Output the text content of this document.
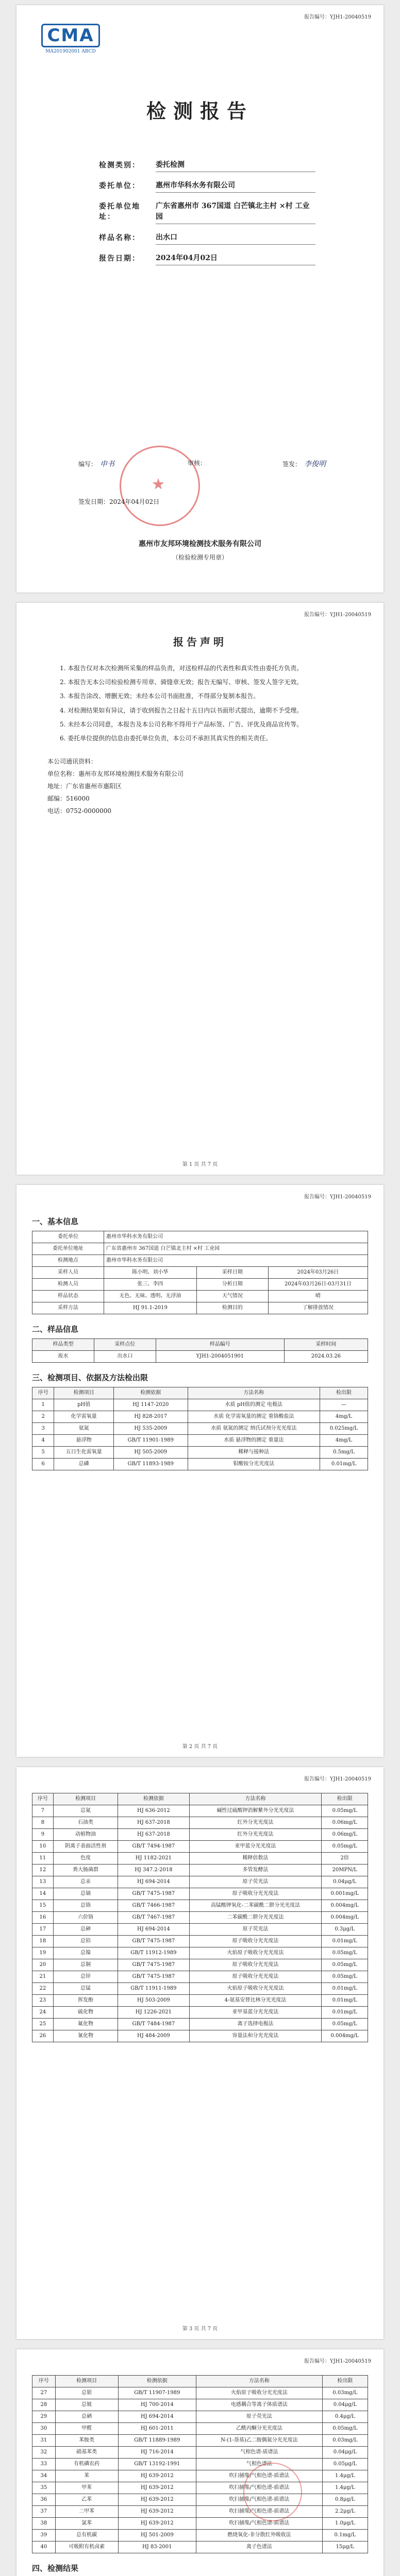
报告编号：YJH1-20040519
CMA
MA201902001 ABCD
检测报告
检测类别：	委托检测
委托单位：	惠州市华科水务有限公司
委托单位地址：
广东省惠州市 367国道 白芒镇北主村 ×村 工业园
样品名称：	出水口
报告日期：	2024年04月02日
编写： 申书	审核：	签发： 李俊明
签发日期：2024年04月02日
惠州市友邦环境检测技术服务有限公司
（检验检测专用章）
报告编号：YJH1-20040519
报告声明

1. 本报告仅对本次检测所采集的样品负责，对送检样品的代表性和真实性由委托方负责。

2. 本报告无本公司检验检测专用章、骑缝章无效；报告无编写、审核、签发人签字无效。

3. 本报告涂改、增删无效；未经本公司书面批准，不得部分复制本报告。

4. 对检测结果如有异议，请于收到报告之日起十五日内以书面形式提出，逾期不予受理。

5. 未经本公司同意，本报告及本公司名称不得用于产品标签、广告、评优及商品宣传等。

6. 委托单位提供的信息由委托单位负责，本公司不承担其真实性的相关责任。

本公司通讯资料：
单位名称：惠州市友邦环境检测技术服务有限公司
地址：广东省惠州市惠阳区
邮编：516000
电话：0752-0000000
第 1 页 共 7 页
报告编号：YJH1-20040519
一、基本信息
委托单位	惠州市华科水务有限公司
委托单位地址	广东省惠州市 367国道 白芒镇北主村 ×村 工业园
检测地点	惠州市华科水务有限公司
采样人员	陈小明、刘小华	采样日期	2024年03月26日
检测人员	张三、李四	分析日期	2024年03月26日-03月31日
样品状态	无色、无味、透明、无浮油	天气情况	晴
采样方法	HJ 91.1-2019	检测目的	了解排放情况
二、样品信息
样品类型	采样点位	样品编号	采样时间
废水	出水口	YJH1-2004051901	2024.03.26
三、检测项目、依据及方法检出限
序号	检测项目	检测依据	方法名称	检出限
1	pH值	HJ 1147-2020	水质 pH值的测定 电极法	—
2	化学需氧量	HJ 828-2017	水质 化学需氧量的测定 重铬酸盐法	4mg/L
3	氨氮	HJ 535-2009	水质 氨氮的测定 纳氏试剂分光光度法	0.025mg/L
4	悬浮物	GB/T 11901-1989	水质 悬浮物的测定 重量法	4mg/L
5	五日生化需氧量	HJ 505-2009	稀释与接种法	0.5mg/L
6	总磷	GB/T 11893-1989	钼酸铵分光光度法	0.01mg/L
第 2 页 共 7 页
报告编号：YJH1-20040519
序号	检测项目	检测依据	方法名称	检出限
7	总氮	HJ 636-2012	碱性过硫酸钾消解紫外分光光度法	0.05mg/L
8	石油类	HJ 637-2018	红外分光光度法	0.06mg/L
9	动植物油	HJ 637-2018	红外分光光度法	0.06mg/L
10	阴离子表面活性剂	GB/T 7494-1987	亚甲蓝分光光度法	0.05mg/L
11	色度	HJ 1182-2021	稀释倍数法	2倍
12	粪大肠菌群	HJ 347.2-2018	多管发酵法	20MPN/L
13	总汞	HJ 694-2014	原子荧光法	0.04μg/L
14	总镉	GB/T 7475-1987	原子吸收分光光度法	0.001mg/L
15	总铬	GB/T 7466-1987	高锰酸钾氧化-二苯碳酰二肼分光光度法	0.004mg/L
16	六价铬	GB/T 7467-1987	二苯碳酰二肼分光光度法	0.004mg/L
17	总砷	HJ 694-2014	原子荧光法	0.3μg/L
18	总铅	GB/T 7475-1987	原子吸收分光光度法	0.01mg/L
19	总镍	GB/T 11912-1989	火焰原子吸收分光光度法	0.05mg/L
20	总铜	GB/T 7475-1987	原子吸收分光光度法	0.05mg/L
21	总锌	GB/T 7475-1987	原子吸收分光光度法	0.05mg/L
22	总锰	GB/T 11911-1989	火焰原子吸收分光光度法	0.01mg/L
23	挥发酚	HJ 503-2009	4-氨基安替比林分光光度法	0.01mg/L
24	硫化物	HJ 1226-2021	亚甲基蓝分光光度法	0.01mg/L
25	氟化物	GB/T 7484-1987	离子选择电极法	0.05mg/L
26	氰化物	HJ 484-2009	容量法和分光光度法	0.004mg/L
第 3 页 共 7 页
报告编号：YJH1-20040519
序号	检测项目	检测依据	方法名称	检出限
27	总银	GB/T 11907-1989	火焰原子吸收分光光度法	0.03mg/L
28	总铍	HJ 700-2014	电感耦合等离子体质谱法	0.04μg/L
29	总硒	HJ 694-2014	原子荧光法	0.4μg/L
30	甲醛	HJ 601-2011	乙酰丙酮分光光度法	0.05mg/L
31	苯胺类	GB/T 11889-1989	N-(1-萘基)乙二胺偶氮分光光度法	0.03mg/L
32	硝基苯类	HJ 716-2014	气相色谱-质谱法	0.04μg/L
33	有机磷农药	GB/T 13192-1991	气相色谱法	0.05μg/L
34	苯	HJ 639-2012	吹扫捕集/气相色谱-质谱法	1.4μg/L
35	甲苯	HJ 639-2012	吹扫捕集/气相色谱-质谱法	1.4μg/L
36	乙苯	HJ 639-2012	吹扫捕集/气相色谱-质谱法	0.8μg/L
37	二甲苯	HJ 639-2012	吹扫捕集/气相色谱-质谱法	2.2μg/L
38	氯苯	HJ 639-2012	吹扫捕集/气相色谱-质谱法	1.0μg/L
39	总有机碳	HJ 501-2009	燃烧氧化-非分散红外吸收法	0.1mg/L
40	可吸附有机卤素	HJ 83-2001	离子色谱法	15μg/L
四、检测结果
